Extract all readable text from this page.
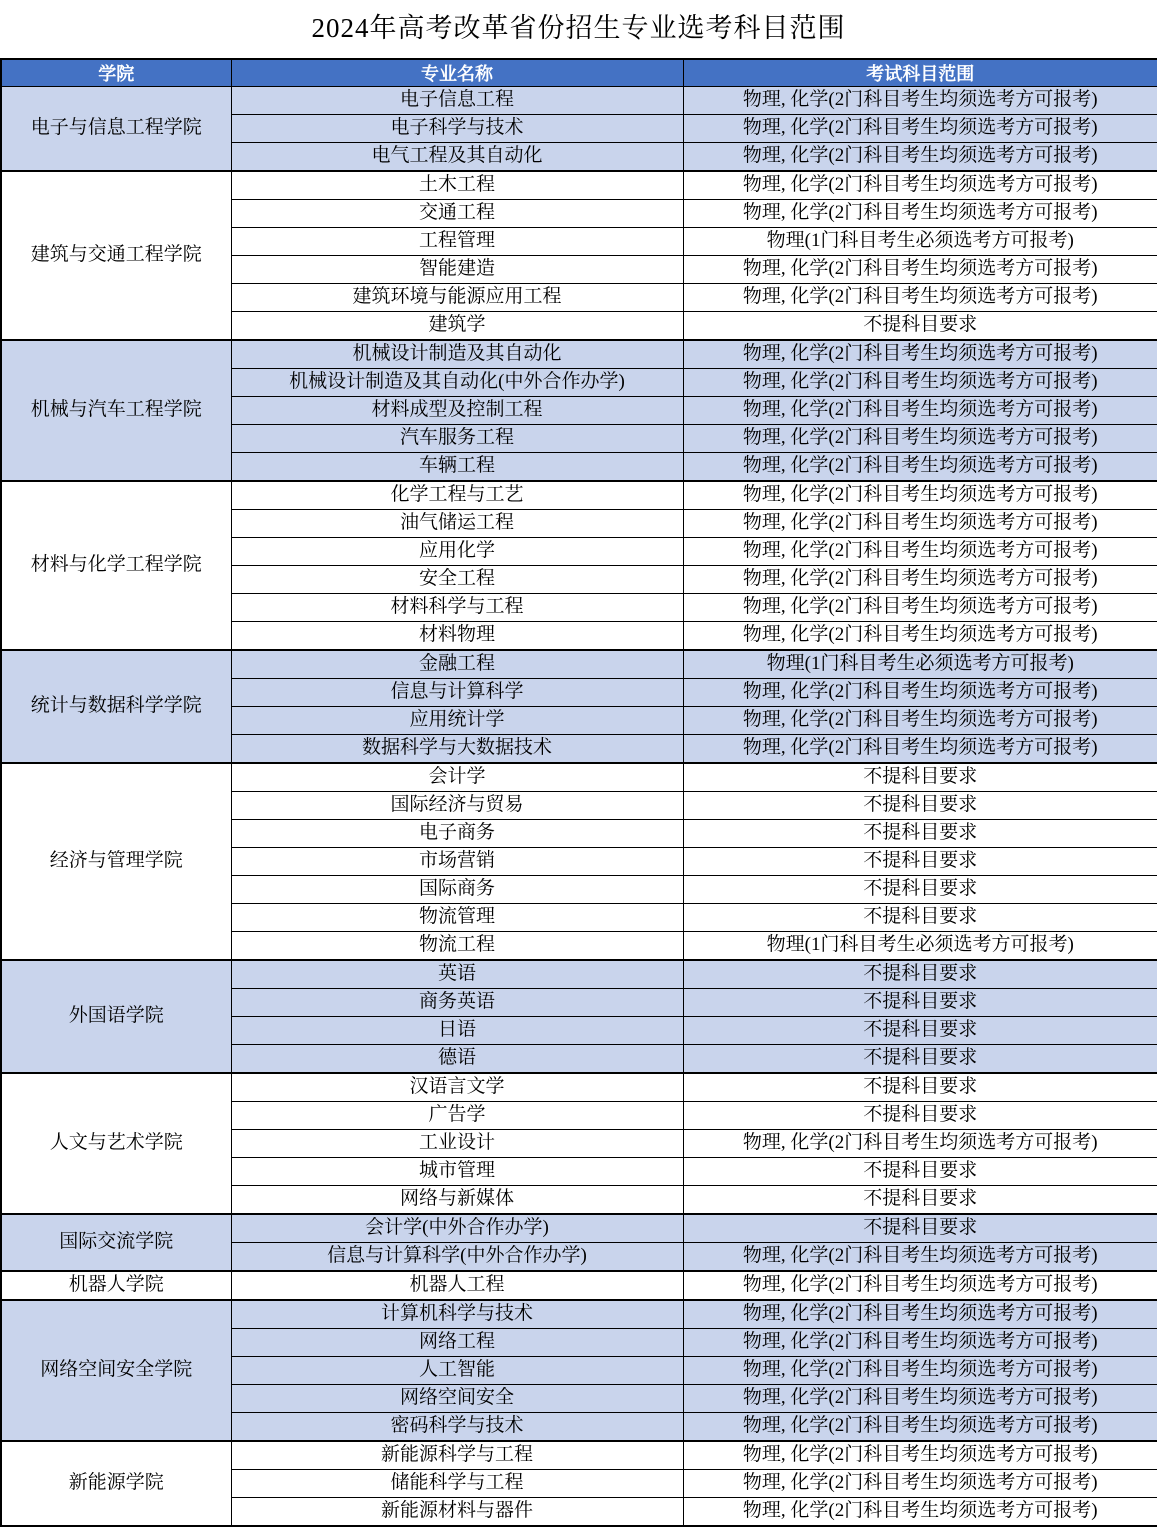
2024年高考改革省份招生专业选考科目范围
学院	专业名称	考试科目范围
电子与信息工程学院	电子信息工程	物理, 化学(2门科目考生均须选考方可报考)
	电子科学与技术	物理, 化学(2门科目考生均须选考方可报考)
	电气工程及其自动化	物理, 化学(2门科目考生均须选考方可报考)
建筑与交通工程学院	土木工程	物理, 化学(2门科目考生均须选考方可报考)
	交通工程	物理, 化学(2门科目考生均须选考方可报考)
	工程管理	物理(1门科目考生必须选考方可报考)
	智能建造	物理, 化学(2门科目考生均须选考方可报考)
	建筑环境与能源应用工程	物理, 化学(2门科目考生均须选考方可报考)
	建筑学	不提科目要求
机械与汽车工程学院	机械设计制造及其自动化	物理, 化学(2门科目考生均须选考方可报考)
	机械设计制造及其自动化(中外合作办学)	物理, 化学(2门科目考生均须选考方可报考)
	材料成型及控制工程	物理, 化学(2门科目考生均须选考方可报考)
	汽车服务工程	物理, 化学(2门科目考生均须选考方可报考)
	车辆工程	物理, 化学(2门科目考生均须选考方可报考)
材料与化学工程学院	化学工程与工艺	物理, 化学(2门科目考生均须选考方可报考)
	油气储运工程	物理, 化学(2门科目考生均须选考方可报考)
	应用化学	物理, 化学(2门科目考生均须选考方可报考)
	安全工程	物理, 化学(2门科目考生均须选考方可报考)
	材料科学与工程	物理, 化学(2门科目考生均须选考方可报考)
	材料物理	物理, 化学(2门科目考生均须选考方可报考)
统计与数据科学学院	金融工程	物理(1门科目考生必须选考方可报考)
	信息与计算科学	物理, 化学(2门科目考生均须选考方可报考)
	应用统计学	物理, 化学(2门科目考生均须选考方可报考)
	数据科学与大数据技术	物理, 化学(2门科目考生均须选考方可报考)
经济与管理学院	会计学	不提科目要求
	国际经济与贸易	不提科目要求
	电子商务	不提科目要求
	市场营销	不提科目要求
	国际商务	不提科目要求
	物流管理	不提科目要求
	物流工程	物理(1门科目考生必须选考方可报考)
外国语学院	英语	不提科目要求
	商务英语	不提科目要求
	日语	不提科目要求
	德语	不提科目要求
人文与艺术学院	汉语言文学	不提科目要求
	广告学	不提科目要求
	工业设计	物理, 化学(2门科目考生均须选考方可报考)
	城市管理	不提科目要求
	网络与新媒体	不提科目要求
国际交流学院	会计学(中外合作办学)	不提科目要求
	信息与计算科学(中外合作办学)	物理, 化学(2门科目考生均须选考方可报考)
机器人学院	机器人工程	物理, 化学(2门科目考生均须选考方可报考)
网络空间安全学院	计算机科学与技术	物理, 化学(2门科目考生均须选考方可报考)
	网络工程	物理, 化学(2门科目考生均须选考方可报考)
	人工智能	物理, 化学(2门科目考生均须选考方可报考)
	网络空间安全	物理, 化学(2门科目考生均须选考方可报考)
	密码科学与技术	物理, 化学(2门科目考生均须选考方可报考)
新能源学院	新能源科学与工程	物理, 化学(2门科目考生均须选考方可报考)
	储能科学与工程	物理, 化学(2门科目考生均须选考方可报考)
	新能源材料与器件	物理, 化学(2门科目考生均须选考方可报考)
